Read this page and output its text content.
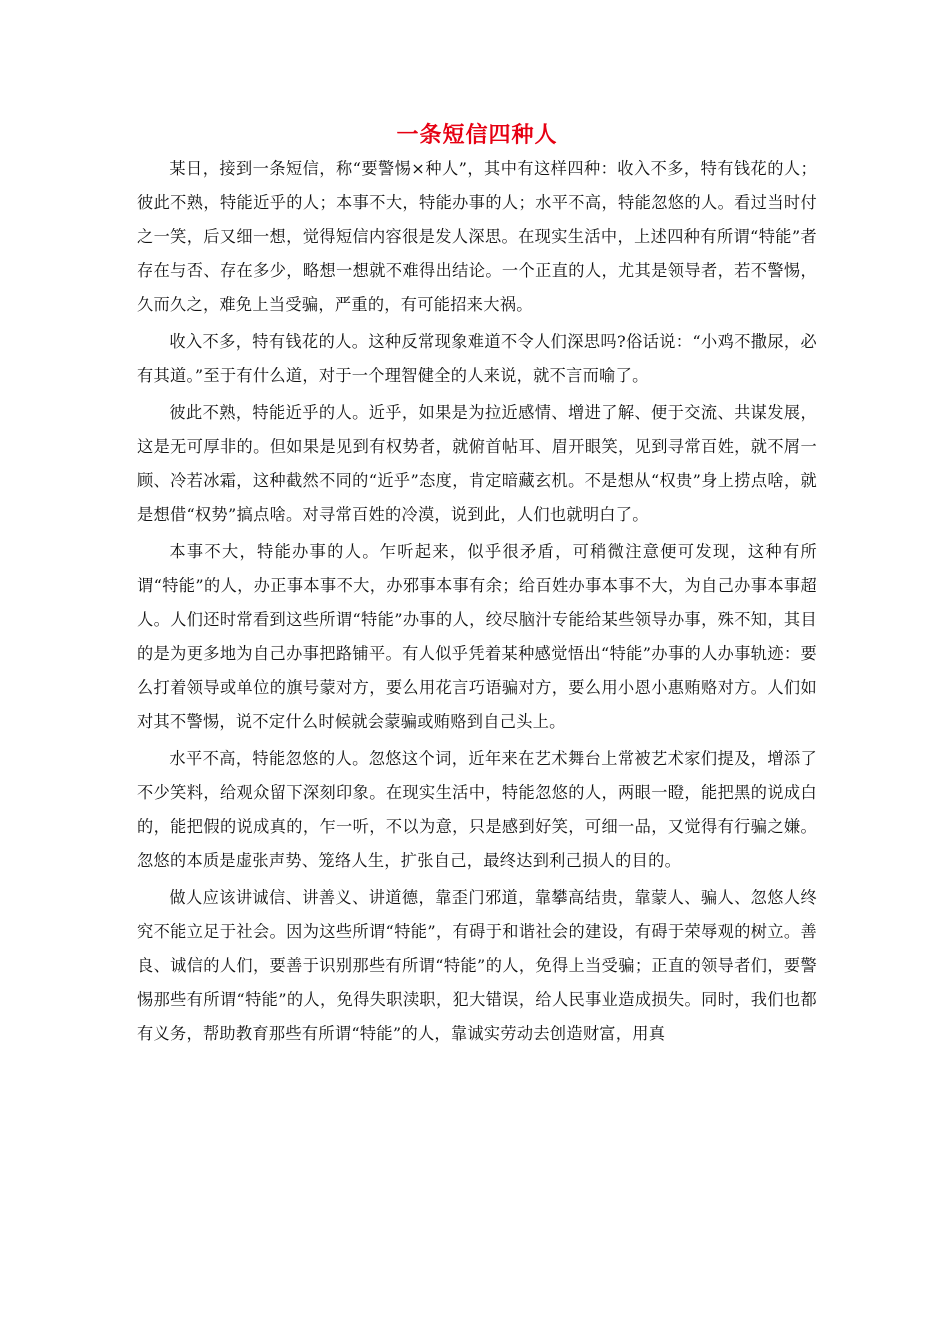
一条短信四种人

某日，接到一条短信，称“要警惕×种人”，其中有这样四种：收入不多，特有钱花的人；彼此不熟，特能近乎的人；本事不大，特能办事的人；水平不高，特能忽悠的人。看过当时付之一笑，后又细一想，觉得短信内容很是发人深思。在现实生活中，上述四种有所谓“特能”者存在与否、存在多少，略想一想就不难得出结论。一个正直的人，尤其是领导者，若不警惕，久而久之，难免上当受骗，严重的，有可能招来大祸。

收入不多，特有钱花的人。这种反常现象难道不令人们深思吗?俗话说：“小鸡不撒尿，必有其道。”至于有什么道，对于一个理智健全的人来说，就不言而喻了。

彼此不熟，特能近乎的人。近乎，如果是为拉近感情、增进了解、便于交流、共谋发展，这是无可厚非的。但如果是见到有权势者，就俯首帖耳、眉开眼笑，见到寻常百姓，就不屑一顾、冷若冰霜，这种截然不同的“近乎”态度，肯定暗藏玄机。不是想从“权贵”身上捞点啥，就是想借“权势”搞点啥。对寻常百姓的冷漠，说到此，人们也就明白了。

本事不大，特能办事的人。乍听起来，似乎很矛盾，可稍微注意便可发现，这种有所谓“特能”的人，办正事本事不大，办邪事本事有余；给百姓办事本事不大，为自己办事本事超人。人们还时常看到这些所谓“特能”办事的人，绞尽脑汁专能给某些领导办事，殊不知，其目的是为更多地为自己办事把路铺平。有人似乎凭着某种感觉悟出“特能”办事的人办事轨迹：要么打着领导或单位的旗号蒙对方，要么用花言巧语骗对方，要么用小恩小惠贿赂对方。人们如对其不警惕，说不定什么时候就会蒙骗或贿赂到自己头上。

水平不高，特能忽悠的人。忽悠这个词，近年来在艺术舞台上常被艺术家们提及，增添了不少笑料，给观众留下深刻印象。在现实生活中，特能忽悠的人，两眼一瞪，能把黑的说成白的，能把假的说成真的，乍一听，不以为意，只是感到好笑，可细一品，又觉得有行骗之嫌。忽悠的本质是虚张声势、笼络人生，扩张自己，最终达到利己损人的目的。

做人应该讲诚信、讲善义、讲道德，靠歪门邪道，靠攀高结贵，靠蒙人、骗人、忽悠人终究不能立足于社会。因为这些所谓“特能”，有碍于和谐社会的建设，有碍于荣辱观的树立。善良、诚信的人们，要善于识别那些有所谓“特能”的人，免得上当受骗；正直的领导者们，要警惕那些有所谓“特能”的人，免得失职渎职，犯大错误，给人民事业造成损失。同时，我们也都有义务，帮助教育那些有所谓“特能”的人，靠诚实劳动去创造财富，用真
